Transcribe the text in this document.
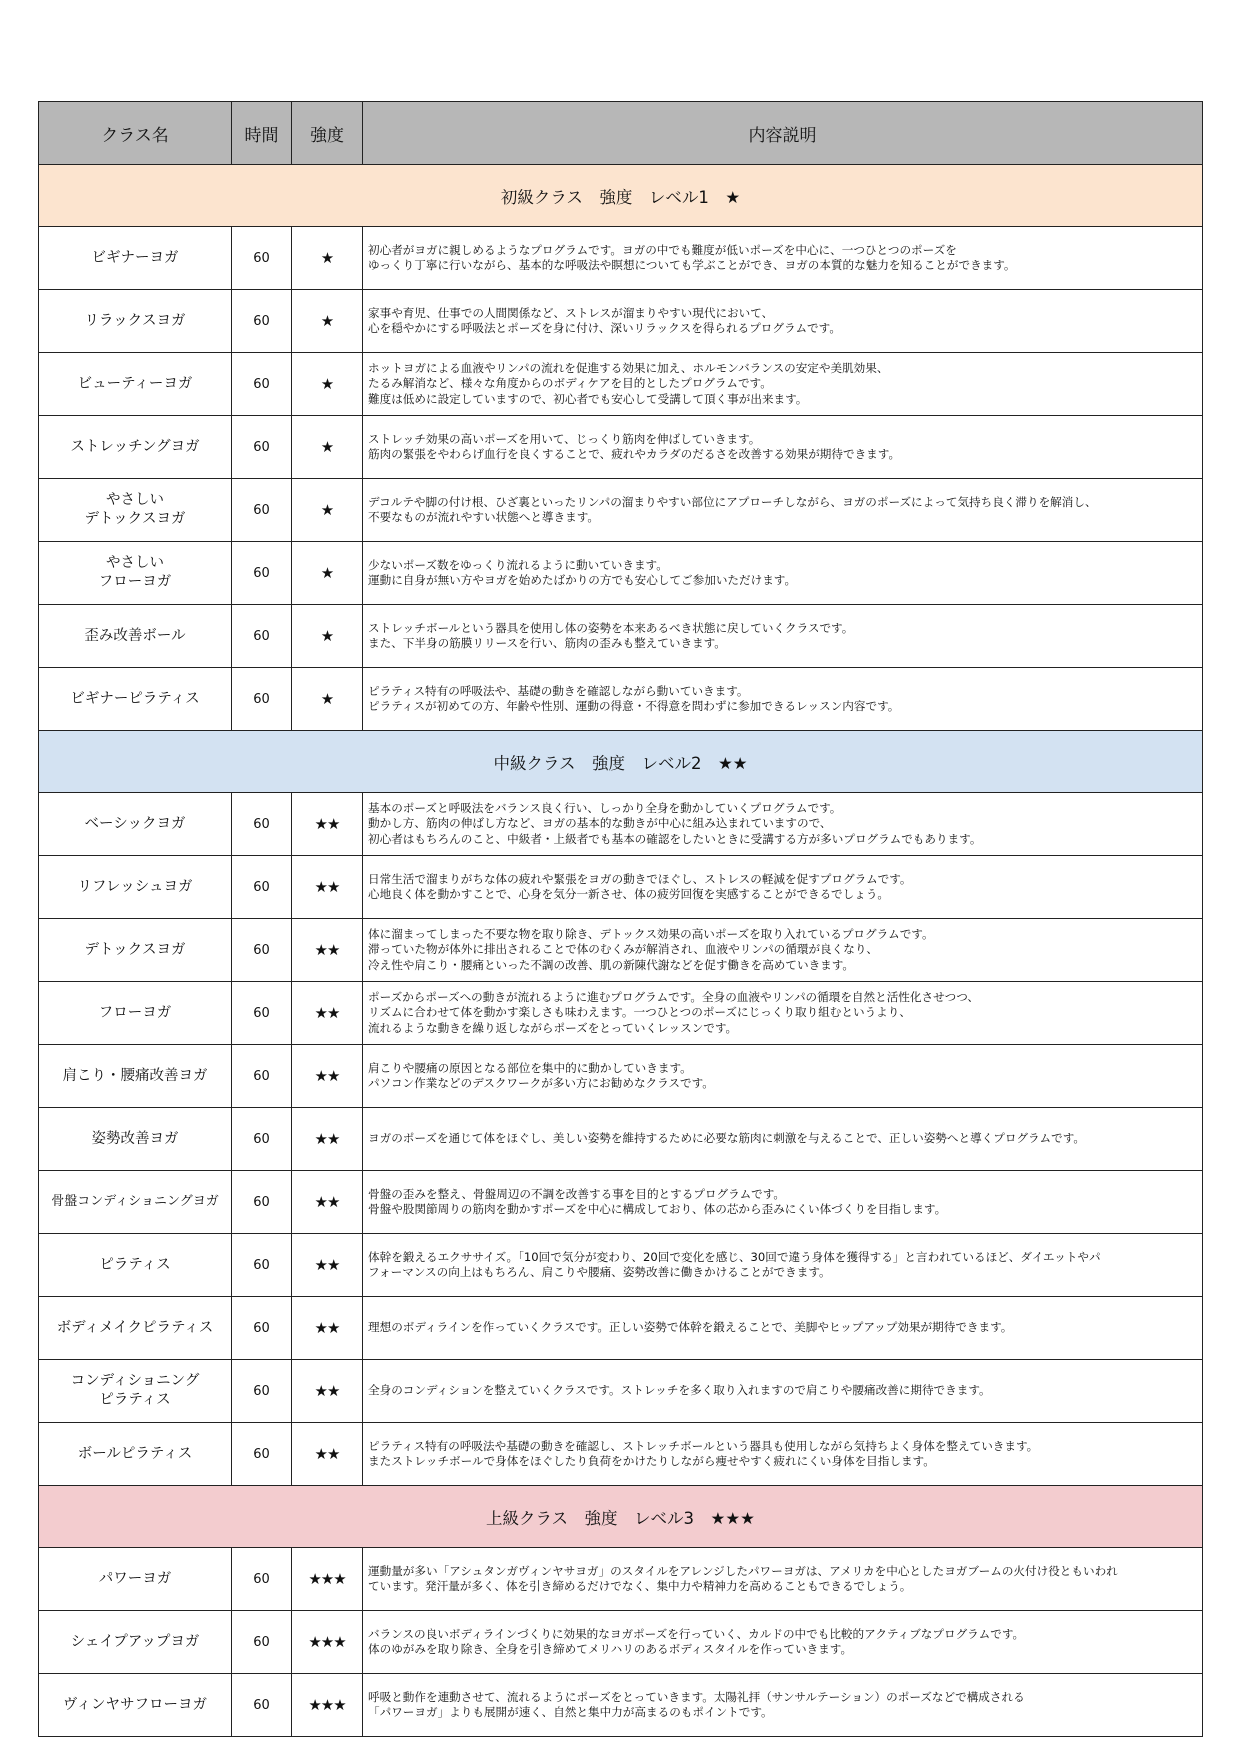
クラス名	時間	強度	内容説明
初級クラス　強度　レベル1　★			
ビギナーヨガ	60	★	初心者がヨガに親しめるようなプログラムです。ヨガの中でも難度が低いポーズを中心に、一つひとつのポーズを
ゆっくり丁寧に行いながら、基本的な呼吸法や瞑想についても学ぶことができ、ヨガの本質的な魅力を知ることができます。
リラックスヨガ	60	★	家事や育児、仕事での人間関係など、ストレスが溜まりやすい現代において、
心を穏やかにする呼吸法とポーズを身に付け、深いリラックスを得られるプログラムです。
ビューティーヨガ	60	★	ホットヨガによる血液やリンパの流れを促進する効果に加え、ホルモンバランスの安定や美肌効果、
たるみ解消など、様々な角度からのボディケアを目的としたプログラムです。
難度は低めに設定していますので、初心者でも安心して受講して頂く事が出来ます。
ストレッチングヨガ	60	★	ストレッチ効果の高いポーズを用いて、じっくり筋肉を伸ばしていきます。
筋肉の緊張をやわらげ血行を良くすることで、疲れやカラダのだるさを改善する効果が期待できます。
やさしい
デトックスヨガ	60	★	デコルテや脚の付け根、ひざ裏といったリンパの溜まりやすい部位にアプローチしながら、ヨガのポーズによって気持ち良く滞りを解消し、
不要なものが流れやすい状態へと導きます。
やさしい
フローヨガ	60	★	少ないポーズ数をゆっくり流れるように動いていきます。
運動に自身が無い方やヨガを始めたばかりの方でも安心してご参加いただけます。
歪み改善ボール	60	★	ストレッチボールという器具を使用し体の姿勢を本来あるべき状態に戻していくクラスです。
また、下半身の筋膜リリースを行い、筋肉の歪みも整えていきます。
ビギナーピラティス	60	★	ピラティス特有の呼吸法や、基礎の動きを確認しながら動いていきます。
ピラティスが初めての方、年齢や性別、運動の得意・不得意を問わずに参加できるレッスン内容です。
中級クラス　強度　レベル2　★★			
ベーシックヨガ	60	★★	基本のポーズと呼吸法をバランス良く行い、しっかり全身を動かしていくプログラムです。
動かし方、筋肉の伸ばし方など、ヨガの基本的な動きが中心に組み込まれていますので、
初心者はもちろんのこと、中級者・上級者でも基本の確認をしたいときに受講する方が多いプログラムでもあります。
リフレッシュヨガ	60	★★	日常生活で溜まりがちな体の疲れや緊張をヨガの動きでほぐし、ストレスの軽減を促すプログラムです。
心地良く体を動かすことで、心身を気分一新させ、体の疲労回復を実感することができるでしょう。
デトックスヨガ	60	★★	体に溜まってしまった不要な物を取り除き、デトックス効果の高いポーズを取り入れているプログラムです。
滞っていた物が体外に排出されることで体のむくみが解消され、血液やリンパの循環が良くなり、
冷え性や肩こり・腰痛といった不調の改善、肌の新陳代謝などを促す働きを高めていきます。
フローヨガ	60	★★	ポーズからポーズへの動きが流れるように進むプログラムです。全身の血液やリンパの循環を自然と活性化させつつ、
リズムに合わせて体を動かす楽しさも味わえます。一つひとつのポーズにじっくり取り組むというより、
流れるような動きを繰り返しながらポーズをとっていくレッスンです。
肩こり・腰痛改善ヨガ	60	★★	肩こりや腰痛の原因となる部位を集中的に動かしていきます。
パソコン作業などのデスクワークが多い方にお勧めなクラスです。
姿勢改善ヨガ	60	★★	ヨガのポーズを通じて体をほぐし、美しい姿勢を維持するために必要な筋肉に刺激を与えることで、正しい姿勢へと導くプログラムです。
骨盤コンディショニングヨガ	60	★★	骨盤の歪みを整え、骨盤周辺の不調を改善する事を目的とするプログラムです。
骨盤や股関節周りの筋肉を動かすポーズを中心に構成しており、体の芯から歪みにくい体づくりを目指します。
ピラティス	60	★★	体幹を鍛えるエクササイズ。「10回で気分が変わり、20回で変化を感じ、30回で違う身体を獲得する」と言われているほど、ダイエットやパ
フォーマンスの向上はもちろん、肩こりや腰痛、姿勢改善に働きかけることができます。
ボディメイクピラティス	60	★★	理想のボディラインを作っていくクラスです。正しい姿勢で体幹を鍛えることで、美脚やヒップアップ効果が期待できます。
コンディショニング
ピラティス	60	★★	全身のコンディションを整えていくクラスです。ストレッチを多く取り入れますので肩こりや腰痛改善に期待できます。
ボールピラティス	60	★★	ピラティス特有の呼吸法や基礎の動きを確認し、ストレッチボールという器具も使用しながら気持ちよく身体を整えていきます。
またストレッチボールで身体をほぐしたり負荷をかけたりしながら痩せやすく疲れにくい身体を目指します。
上級クラス　強度　レベル3　★★★			
パワーヨガ	60	★★★	運動量が多い「アシュタンガヴィンヤサヨガ」のスタイルをアレンジしたパワーヨガは、アメリカを中心としたヨガブームの火付け役ともいわれ
ています。発汗量が多く、体を引き締めるだけでなく、集中力や精神力を高めることもできるでしょう。
シェイプアップヨガ	60	★★★	バランスの良いボディラインづくりに効果的なヨガポーズを行っていく、カルドの中でも比較的アクティブなプログラムです。
体のゆがみを取り除き、全身を引き締めてメリハリのあるボディスタイルを作っていきます。
ヴィンヤサフローヨガ	60	★★★	呼吸と動作を連動させて、流れるようにポーズをとっていきます。太陽礼拝（サンサルテーション）のポーズなどで構成される
「パワーヨガ」よりも展開が速く、自然と集中力が高まるのもポイントです。
